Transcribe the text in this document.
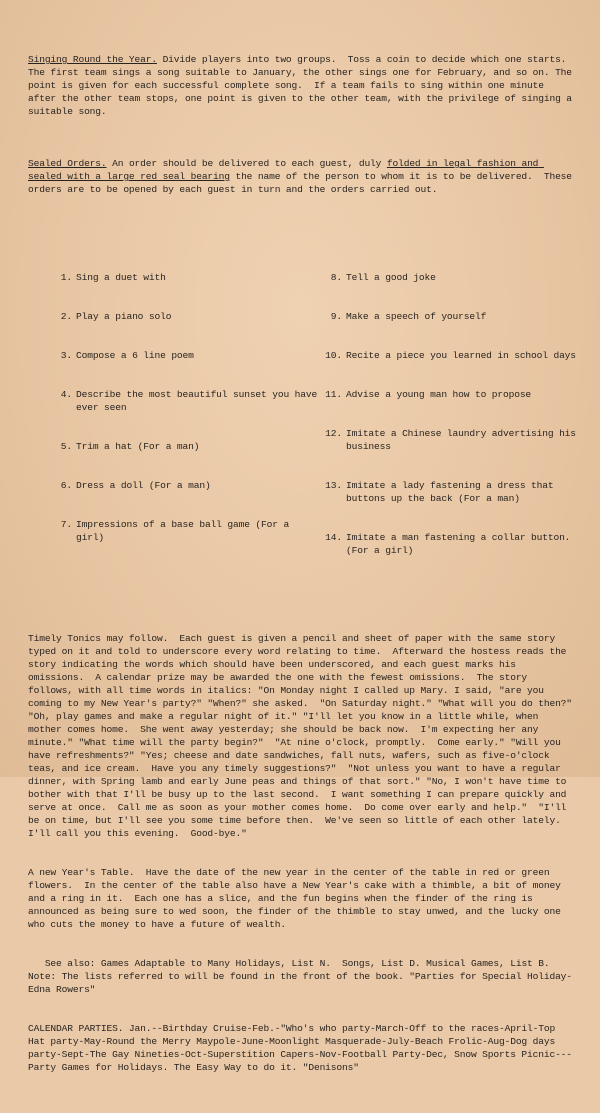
Singing Round the Year. Divide players into two groups.  Toss a coin to decide which one starts.  The first team sings a song suitable to January, the other sings one for February, and so on. The point is given for each successful complete song.  If a team fails to sing within one minute after the other team stops, one point is given to the other team, with the privilege of singing a suitable song.

Sealed Orders. An order should be delivered to each guest, duly folded in legal fashion and sealed with a large red seal bearing the name of the person to whom it is to be delivered.  These orders are to be opened by each guest in turn and the orders carried out.

1. Sing a duet with

2. Play a piano solo

3. Compose a 6 line poem

4. Describe the most beautiful sunset you have ever seen

5. Trim a hat (For a man)

6. Dress a doll (For a man)

7. Impressions of a base ball game (For a girl)

8. Tell a good joke

9. Make a speech of yourself

10. Recite a piece you learned in school days

11. Advise a young man how to propose

12. Imitate a Chinese laundry advertising his business

13. Imitate a lady fastening a dress that buttons up the back (For a man)

14. Imitate a man fastening a collar button. (For a girl)

Timely Tonics may follow.  Each guest is given a pencil and sheet of paper with the same story typed on it and told to underscore every word relating to time.  Afterward the hostess reads the story indicating the words which should have been underscored, and each guest marks his omissions.  A calendar prize may be awarded the one with the fewest omissions.  The story follows, with all time words in italics: "On Monday night I called up Mary. I said, "are you coming to my New Year's party?" "When?" she asked.  "On Saturday night." "What will you do then?"  "Oh, play games and make a regular night of it." "I'll let you know in a little while, when mother comes home.  She went away yesterday; she should be back now.  I'm expecting her any minute." "What time will the party begin?"  "At nine o'clock, promptly.  Come early." "Will you have refreshments?" "Yes; cheese and date sandwiches, fall nuts, wafers, such as five-o'clock teas, and ice cream.  Have you any timely suggestions?"  "Not unless you want to have a regular dinner, with Spring lamb and early June peas and things of that sort." "No, I won't have time to bother with that I'll be busy up to the last second.  I want something I can prepare quickly and serve at once.  Call me as soon as your mother comes home.  Do come over early and help."  "I'll be on time, but I'll see you some time before then.  We've seen so little of each other lately. I'll call you this evening.  Good-bye."

A new Year's Table.  Have the date of the new year in the center of the table in red or green flowers.  In the center of the table also have a New Year's cake with a thimble, a bit of money and a ring in it.  Each one has a slice, and the fun begins when the finder of the ring is announced as being sure to wed soon, the finder of the thimble to stay unwed, and the lucky one who cuts the money to have a future of wealth.

See also: Games Adaptable to Many Holidays, List N.  Songs, List D. Musical Games, List B.  Note: The lists referred to will be found in the front of the book. "Parties for Special Holiday-Edna Rowers"

CALENDAR PARTIES. Jan.--Birthday Cruise-Feb.-"Who's who party-March-Off to the races-April-Top Hat party-May-Round the Merry Maypole-June-Moonlight Masquerade-July-Beach Frolic-Aug-Dog days party-Sept-The Gay Nineties-Oct-Superstition Capers-Nov-Football Party-Dec, Snow Sports Picnic---Party Games for Holidays. The Easy Way to do it. "Denisons"
